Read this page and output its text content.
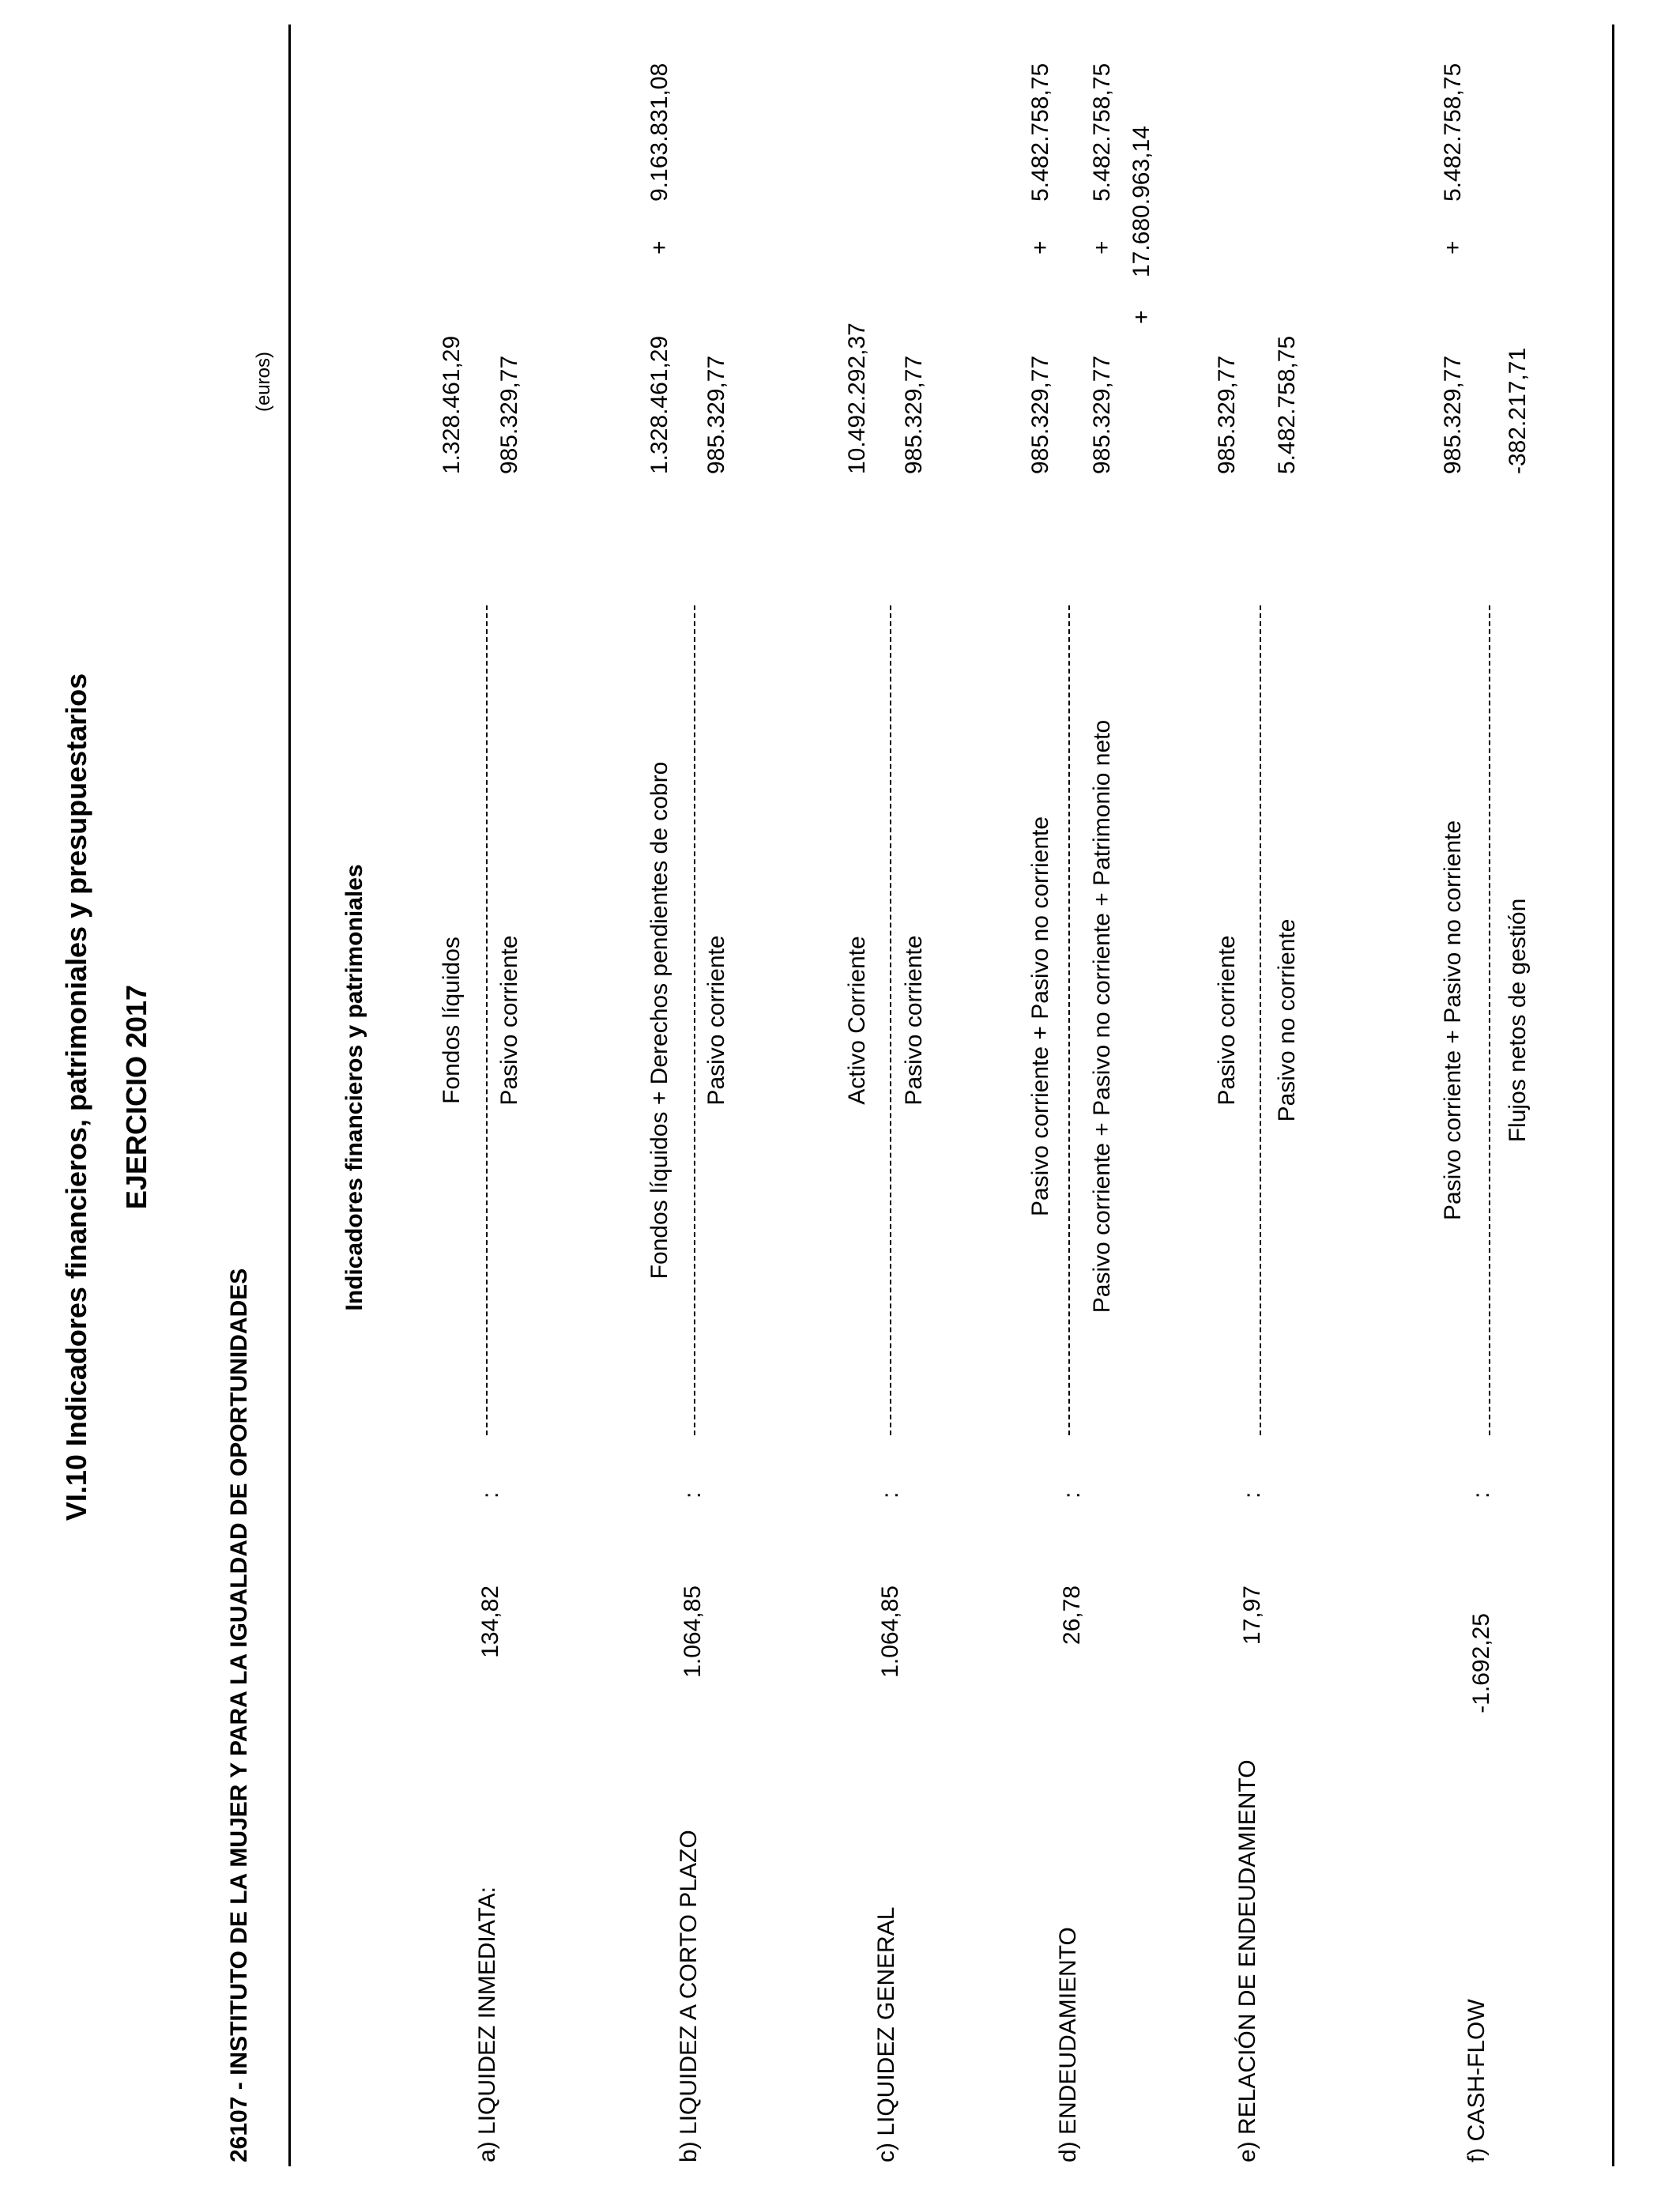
VI.10 Indicadores financieros, patrimoniales y presupuestarios EJERCICIO 2017
26107 - INSTITUTO DE LA MUJER Y PARA LA IGUALDAD DE OPORTUNIDADES
(euros)
Indicadores financieros y patrimoniales
a) LIQUIDEZ INMEDIATA:
134,82
:
Fondos líquidos Pasivo corriente
1.328.461,29 985.329,77
b) LIQUIDEZ A CORTO PLAZO
1.064,85
:
Fondos líquidos + Derechos pendientes de cobro Pasivo corriente
1.328.461,29
+
9.163.831,08
985.329,77
c) LIQUIDEZ GENERAL
1.064,85
:
Activo Corriente Pasivo corriente
10.492.292,37 985.329,77
d) ENDEUDAMIENTO
26,78
:
Pasivo corriente + Pasivo no corriente Pasivo corriente + Pasivo no corriente + Patrimonio neto
985.329,77
+
5.482.758,75
985.329,77
+
5.482.758,75
+
17.680.963,14
e) RELACIÓN DE ENDEUDAMIENTO
17,97
:
Pasivo corriente Pasivo no corriente
985.329,77 5.482.758,75
f) CASH-FLOW
-1.692,25
:
Pasivo corriente + Pasivo no corriente Flujos netos de gestión
985.329,77
+
5.482.758,75
-382.217,71
